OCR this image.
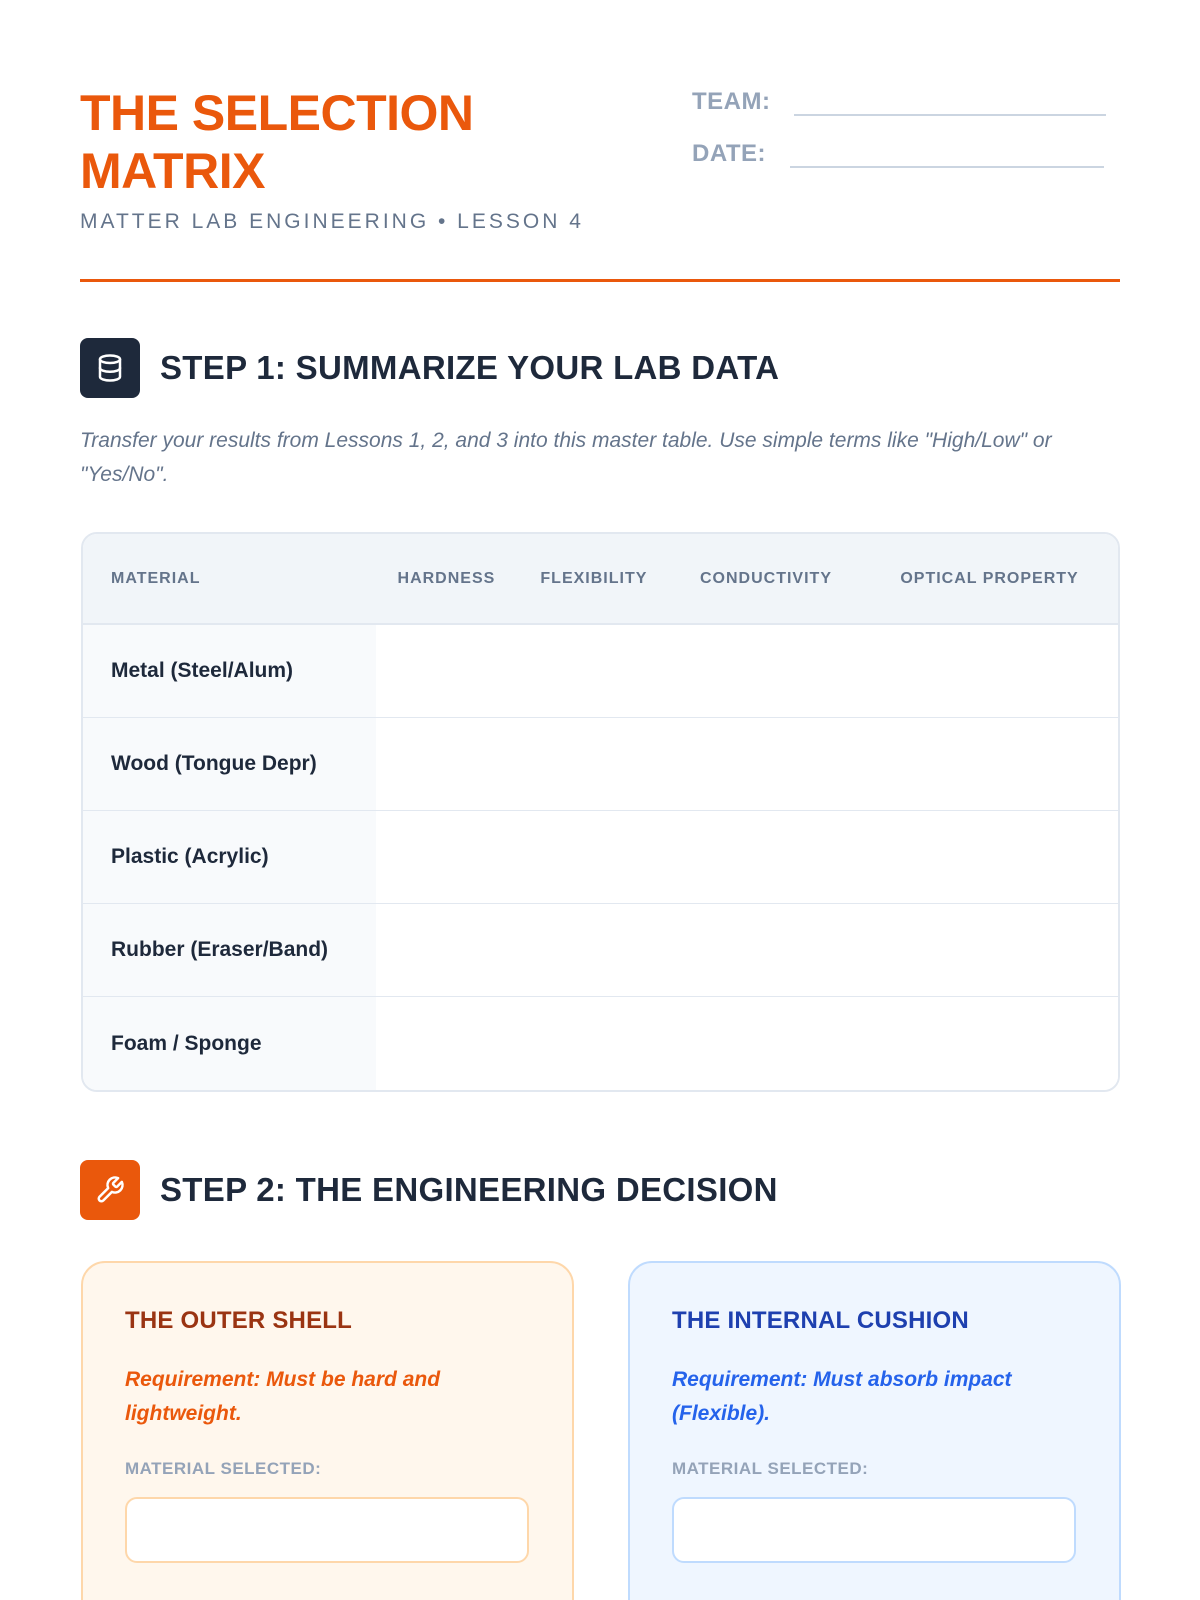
THE SELECTION MATRIX
MATTER LAB ENGINEERING • LESSON 4
TEAM:
DATE:
STEP 1: SUMMARIZE YOUR LAB DATA
Transfer your results from Lessons 1, 2, and 3 into this master table. Use simple terms like "High/Low" or "Yes/No".
MATERIAL	HARDNESS	FLEXIBILITY	CONDUCTIVITY	OPTICAL PROPERTY
Metal (Steel/Alum)				
Wood (Tongue Depr)				
Plastic (Acrylic)				
Rubber (Eraser/Band)				
Foam / Sponge				
STEP 2: THE ENGINEERING DECISION
THE OUTER SHELL
Requirement: Must be hard and lightweight.
MATERIAL SELECTED:
THE INTERNAL CUSHION
Requirement: Must absorb impact (Flexible).
MATERIAL SELECTED:
